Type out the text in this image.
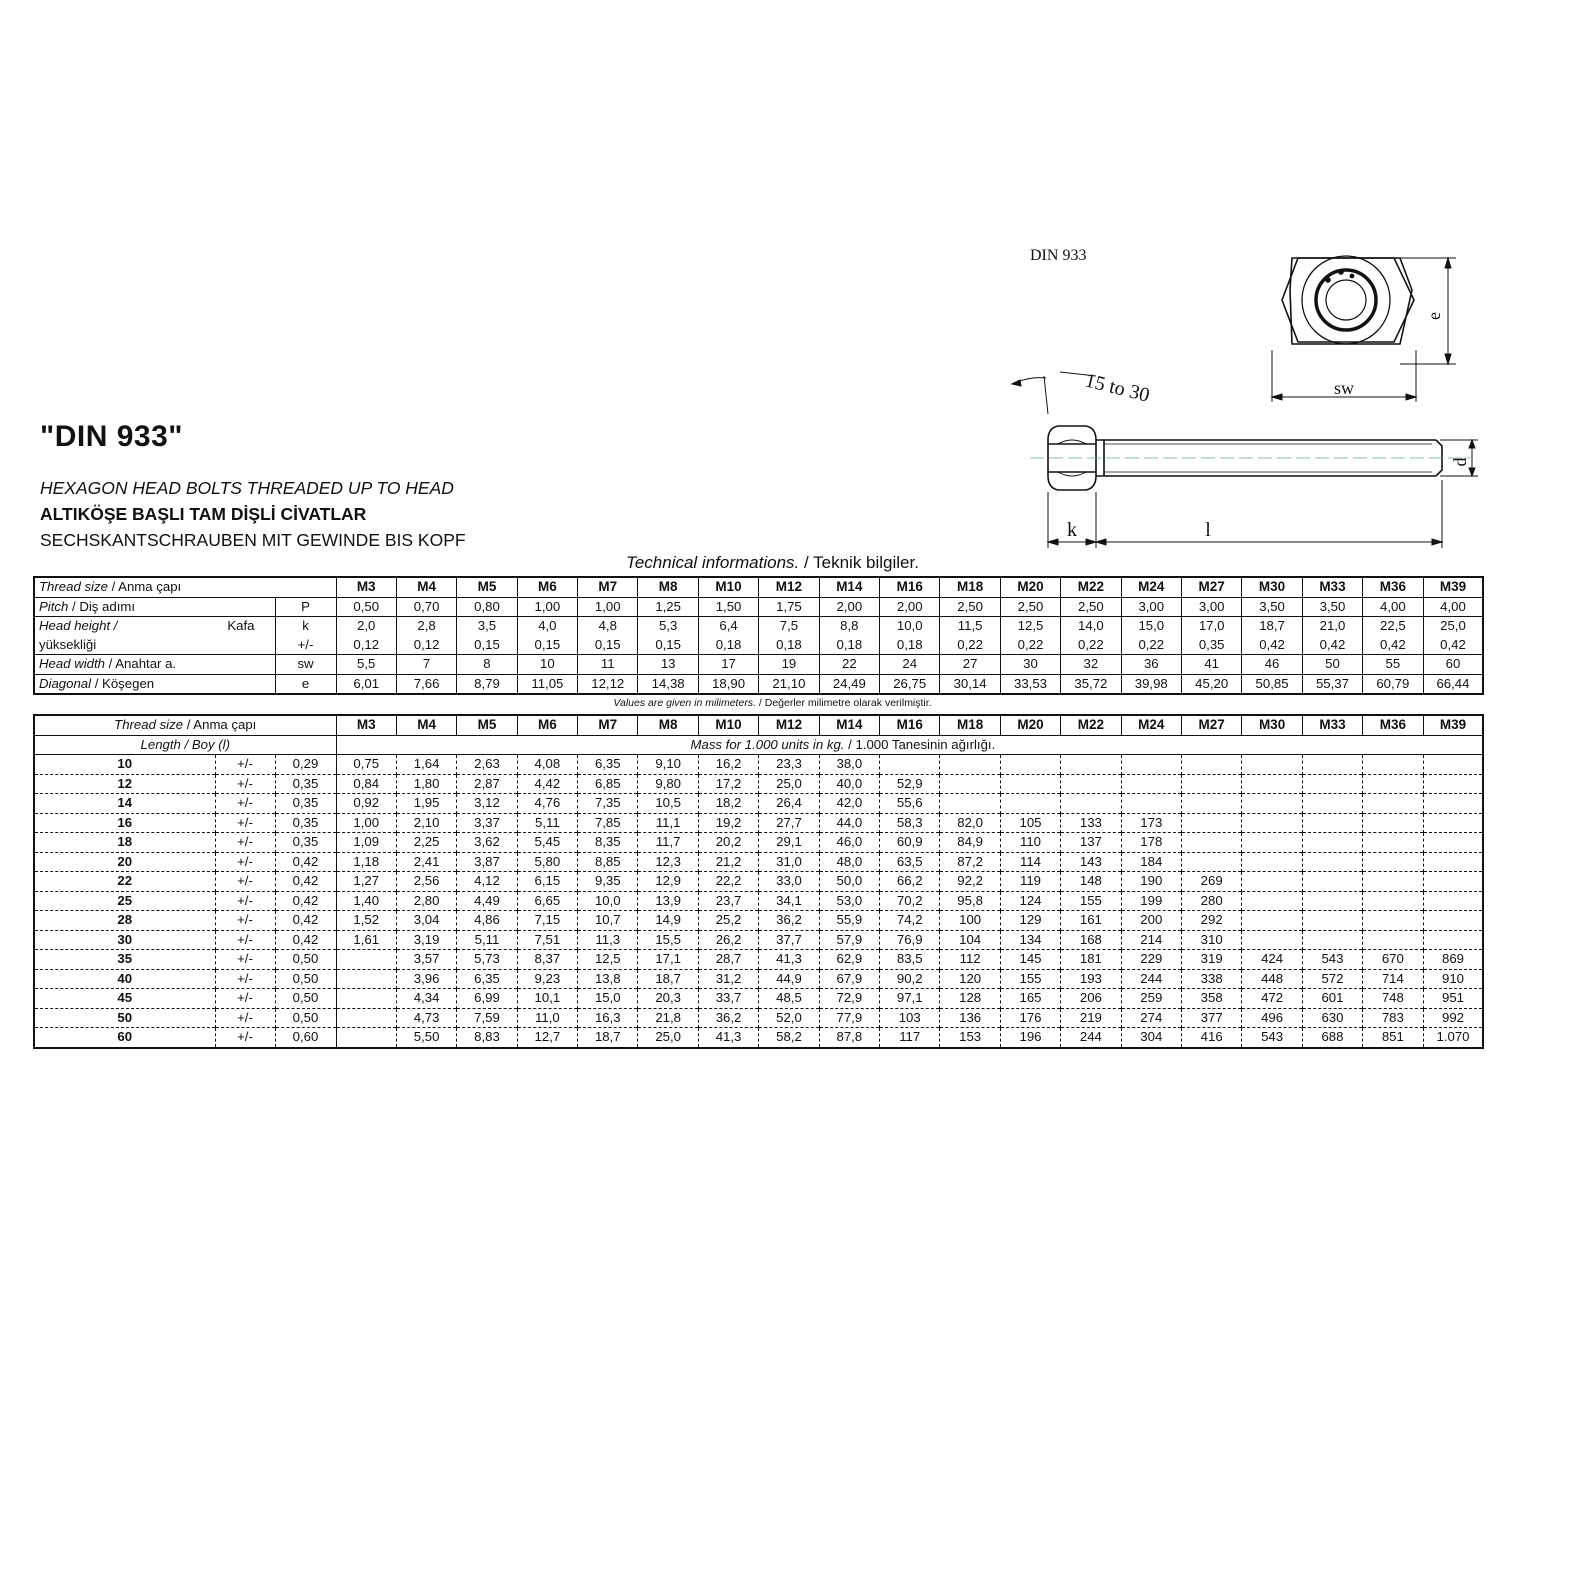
"DIN 933"

HEXAGON HEAD BOLTS THREADED UP TO HEAD

ALTIKÖŞE BAŞLI TAM DİŞLİ CİVATLAR

SECHSKANTSCHRAUBEN MIT GEWINDE BIS KOPF

DIN 933
e
sw
15 to 30
d
k	l
Technical informations. / Teknik bilgiler.
Thread size / Anma çapı		M3	M4	M5	M6	M7	M8	M10	M12	M14	M16	M18	M20	M22	M24	M27	M30	M33	M36	M39
Pitch / Diş adımı	P	0,50	0,70	0,80	1,00	1,00	1,25	1,50	1,75	2,00	2,00	2,50	2,50	2,50	3,00	3,00	3,50	3,50	4,00	4,00
Head height / Kafa	k	2,0	2,8	3,5	4,0	4,8	5,3	6,4	7,5	8,8	10,0	11,5	12,5	14,0	15,0	17,0	18,7	21,0	22,5	25,0
yüksekliği	+/-	0,12	0,12	0,15	0,15	0,15	0,15	0,18	0,18	0,18	0,18	0,22	0,22	0,22	0,22	0,35	0,42	0,42	0,42	0,42
Head width / Anahtar a.	sw	5,5	7	8	10	11	13	17	19	22	24	27	30	32	36	41	46	50	55	60
Diagonal / Köşegen	e	6,01	7,66	8,79	11,05	12,12	14,38	18,90	21,10	24,49	26,75	30,14	33,53	35,72	39,98	45,20	50,85	55,37	60,79	66,44
Values are given in milimeters. / Değerler milimetre olarak verilmiştir.
Thread size / Anma çapı			M3	M4	M5	M6	M7	M8	M10	M12	M14	M16	M18	M20	M22	M24	M27	M30	M33	M36	M39
Length / Boy (l)			Mass for 1.000 units in kg. / 1.000 Tanesinin ağırlığı.																		
10	+/-	0,29	0,75	1,64	2,63	4,08	6,35	9,10	16,2	23,3	38,0										
12	+/-	0,35	0,84	1,80	2,87	4,42	6,85	9,80	17,2	25,0	40,0	52,9									
14	+/-	0,35	0,92	1,95	3,12	4,76	7,35	10,5	18,2	26,4	42,0	55,6									
16	+/-	0,35	1,00	2,10	3,37	5,11	7,85	11,1	19,2	27,7	44,0	58,3	82,0	105	133	173					
18	+/-	0,35	1,09	2,25	3,62	5,45	8,35	11,7	20,2	29,1	46,0	60,9	84,9	110	137	178					
20	+/-	0,42	1,18	2,41	3,87	5,80	8,85	12,3	21,2	31,0	48,0	63,5	87,2	114	143	184					
22	+/-	0,42	1,27	2,56	4,12	6,15	9,35	12,9	22,2	33,0	50,0	66,2	92,2	119	148	190	269				
25	+/-	0,42	1,40	2,80	4,49	6,65	10,0	13,9	23,7	34,1	53,0	70,2	95,8	124	155	199	280				
28	+/-	0,42	1,52	3,04	4,86	7,15	10,7	14,9	25,2	36,2	55,9	74,2	100	129	161	200	292				
30	+/-	0,42	1,61	3,19	5,11	7,51	11,3	15,5	26,2	37,7	57,9	76,9	104	134	168	214	310				
35	+/-	0,50		3,57	5,73	8,37	12,5	17,1	28,7	41,3	62,9	83,5	112	145	181	229	319	424	543	670	869
40	+/-	0,50		3,96	6,35	9,23	13,8	18,7	31,2	44,9	67,9	90,2	120	155	193	244	338	448	572	714	910
45	+/-	0,50		4,34	6,99	10,1	15,0	20,3	33,7	48,5	72,9	97,1	128	165	206	259	358	472	601	748	951
50	+/-	0,50		4,73	7,59	11,0	16,3	21,8	36,2	52,0	77,9	103	136	176	219	274	377	496	630	783	992
60	+/-	0,60		5,50	8,83	12,7	18,7	25,0	41,3	58,2	87,8	117	153	196	244	304	416	543	688	851	1.070
